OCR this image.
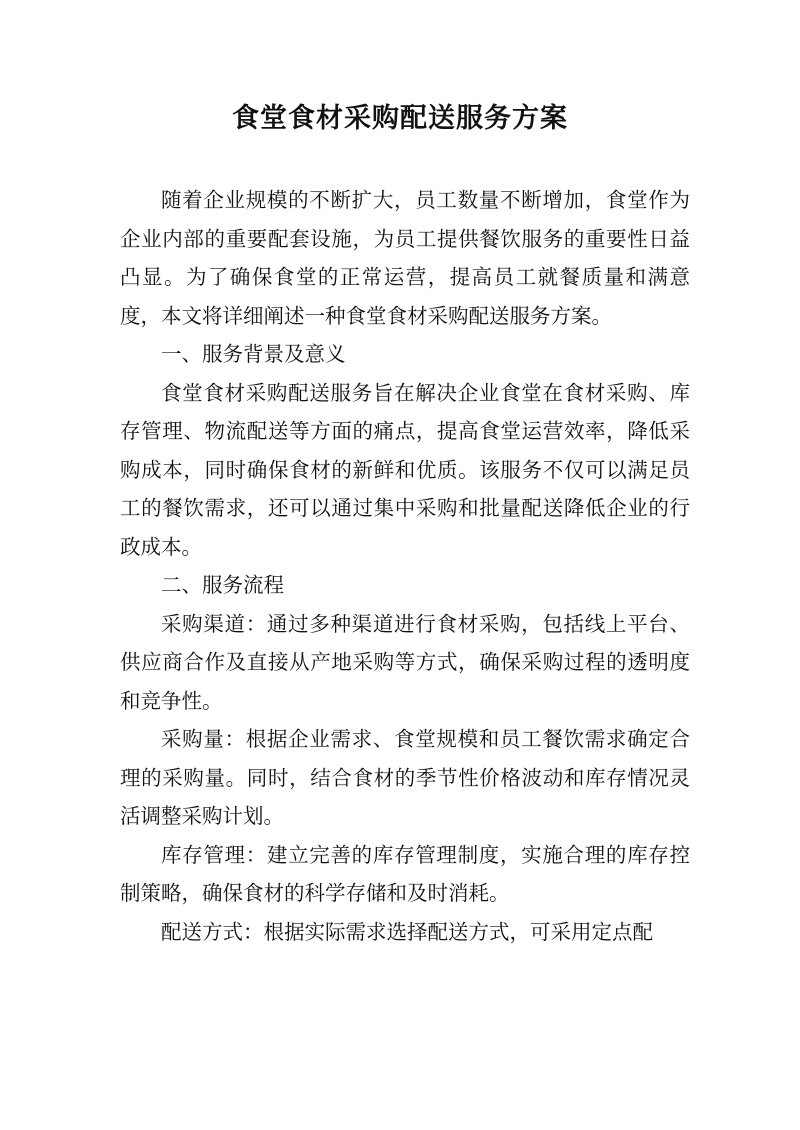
食堂食材采购配送服务方案

随着企业规模的不断扩大，员工数量不断增加，食堂作为企业内部的重要配套设施，为员工提供餐饮服务的重要性日益凸显。为了确保食堂的正常运营，提高员工就餐质量和满意度，本文将详细阐述一种食堂食材采购配送服务方案。

一、服务背景及意义

食堂食材采购配送服务旨在解决企业食堂在食材采购、库存管理、物流配送等方面的痛点，提高食堂运营效率，降低采购成本，同时确保食材的新鲜和优质。该服务不仅可以满足员工的餐饮需求，还可以通过集中采购和批量配送降低企业的行政成本。

二、服务流程

采购渠道：通过多种渠道进行食材采购，包括线上平台、供应商合作及直接从产地采购等方式，确保采购过程的透明度和竞争性。

采购量：根据企业需求、食堂规模和员工餐饮需求确定合理的采购量。同时，结合食材的季节性价格波动和库存情况灵活调整采购计划。

库存管理：建立完善的库存管理制度，实施合理的库存控制策略，确保食材的科学存储和及时消耗。

配送方式：根据实际需求选择配送方式，可采用定点配
